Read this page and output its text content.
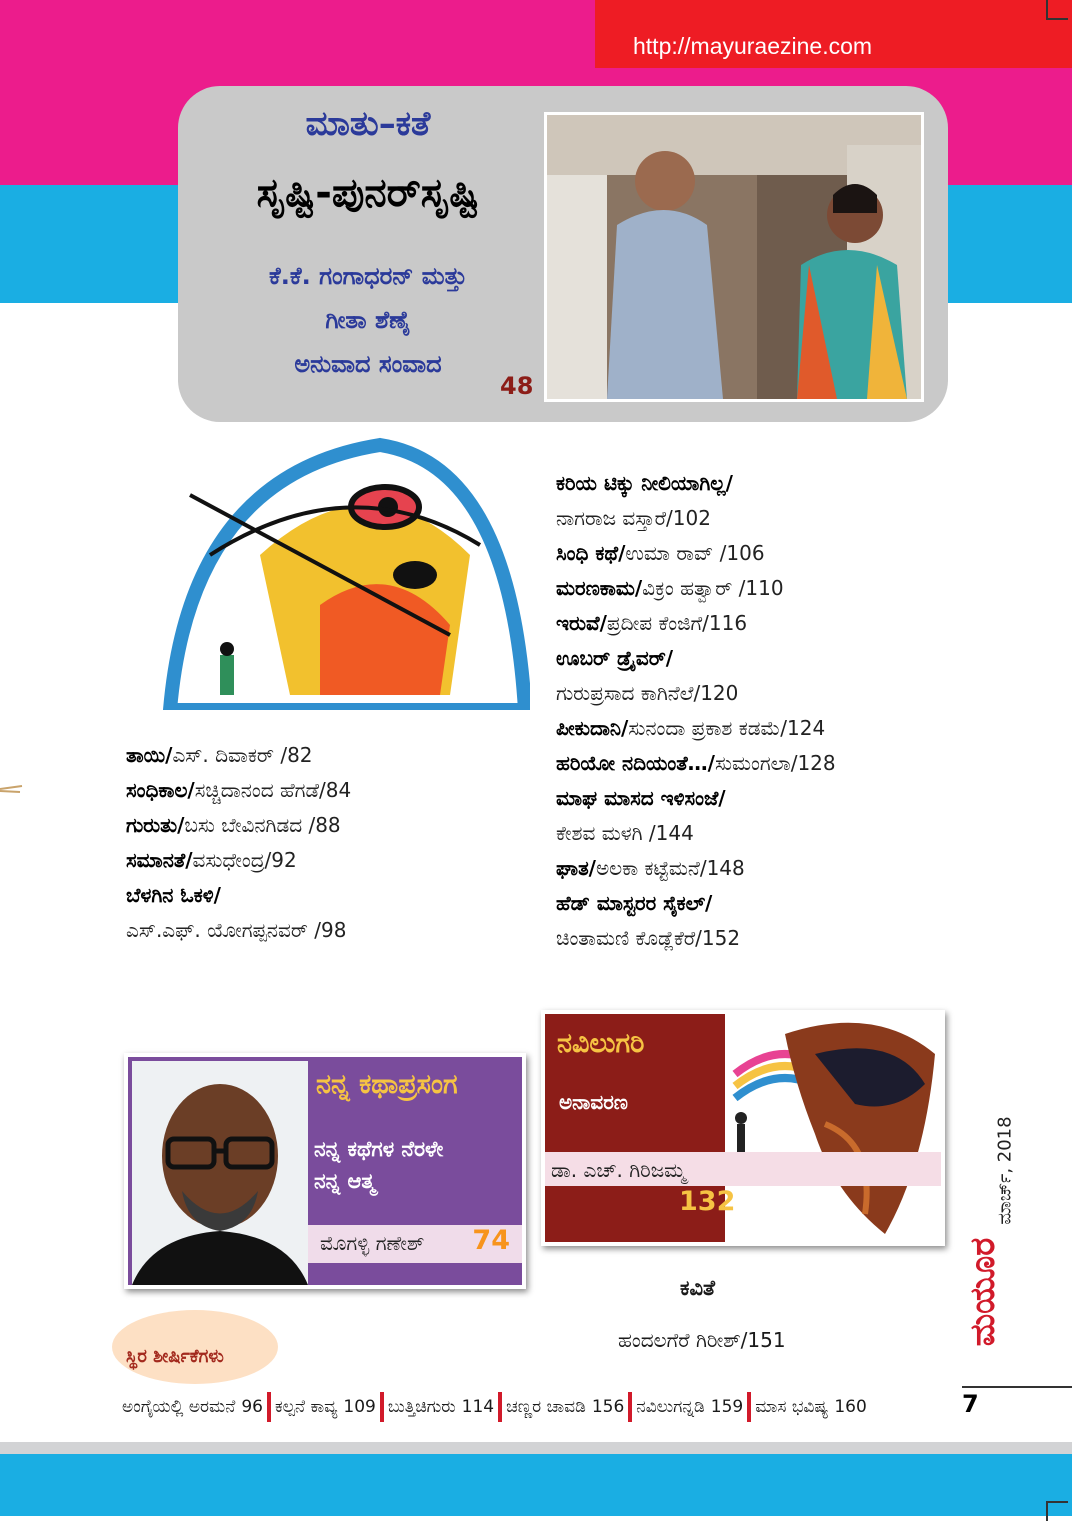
http://mayuraezine.com
ಮಾತು–ಕತೆ
ಸೃಷ್ಟಿ-ಪುನರ್‌ಸೃಷ್ಟಿ
ಕೆ.ಕೆ. ಗಂಗಾಧರನ್ ಮತ್ತು
ಗೀತಾ ಶೆಣೈ
ಅನುವಾದ ಸಂವಾದ
48
ತಾಯಿ/ಎಸ್. ದಿವಾಕರ್ /82
ಸಂಧಿಕಾಲ/ಸಚ್ಚಿದಾನಂದ ಹೆಗಡೆ/84
ಗುರುತು/ಬಸು ಬೇವಿನಗಿಡದ /88
ಸಮಾನತೆ/ವಸುಧೇಂದ್ರ/92
ಬೆಳಗಿನ ಓಕಳಿ/
ಎಸ್.ಎಫ್. ಯೋಗಪ್ಪನವರ್ /98
ಕರಿಯ ಟಿಕ್ಕು ನೀಲಿಯಾಗಿಲ್ಲ/
ನಾಗರಾಜ ವಸ್ತಾರೆ/102
ಸಿಂಧಿ ಕಥೆ/ಉಮಾ ರಾವ್ /106
ಮರಣಕಾಮ/ವಿಕ್ರಂ ಹತ್ವಾರ್ /110
ಇರುವೆ/ಪ್ರದೀಪ ಕೆಂಜಿಗೆ/116
ಊಬರ್ ಡ್ರೈವರ್/
ಗುರುಪ್ರಸಾದ ಕಾಗಿನೆಲೆ/120
ಪೀಕುದಾನಿ/ಸುನಂದಾ ಪ್ರಕಾಶ ಕಡಮೆ/124
ಹರಿಯೋ ನದಿಯಂತೆ…/ಸುಮಂಗಲಾ/128
ಮಾಘ ಮಾಸದ ಇಳಿಸಂಜೆ/
ಕೇಶವ ಮಳಗಿ /144
ಘಾತ/ಅಲಕಾ ಕಟ್ಟೆಮನೆ/148
ಹೆಡ್ ಮಾಸ್ಟರರ ಸೈಕಲ್/
ಚಿಂತಾಮಣಿ ಕೊಡ್ಲೆಕೆರೆ/152
ನವಿಲುಗರಿ
ಅನಾವರಣ
ಡಾ. ಎಚ್. ಗಿರಿಜಮ್ಮ
132
ನನ್ನ ಕಥಾಪ್ರಸಂಗ
ನನ್ನ ಕಥೆಗಳ ನೆರಳೇ
ನನ್ನ ಆತ್ಮ
ಮೊಗಳ್ಳಿ ಗಣೇಶ್ 74
ಕವಿತೆ
ಹಂದಲಗೆರೆ ಗಿರೀಶ್/151
ಸ್ಥಿರ ಶೀರ್ಷಿಕೆಗಳು
ಮಾರ್ಚ್, 2018
ಮಯೂರ
7
ಅಂಗೈಯಲ್ಲಿ ಅರಮನೆ 96 ಕಲ್ಪನೆ ಕಾವ್ಯ 109 ಬುತ್ತಿಚಿಗುರು 114 ಚಣ್ಣರ ಚಾವಡಿ 156 ನವಿಲುಗನ್ನಡಿ 159 ಮಾಸ ಭವಿಷ್ಯ 160
